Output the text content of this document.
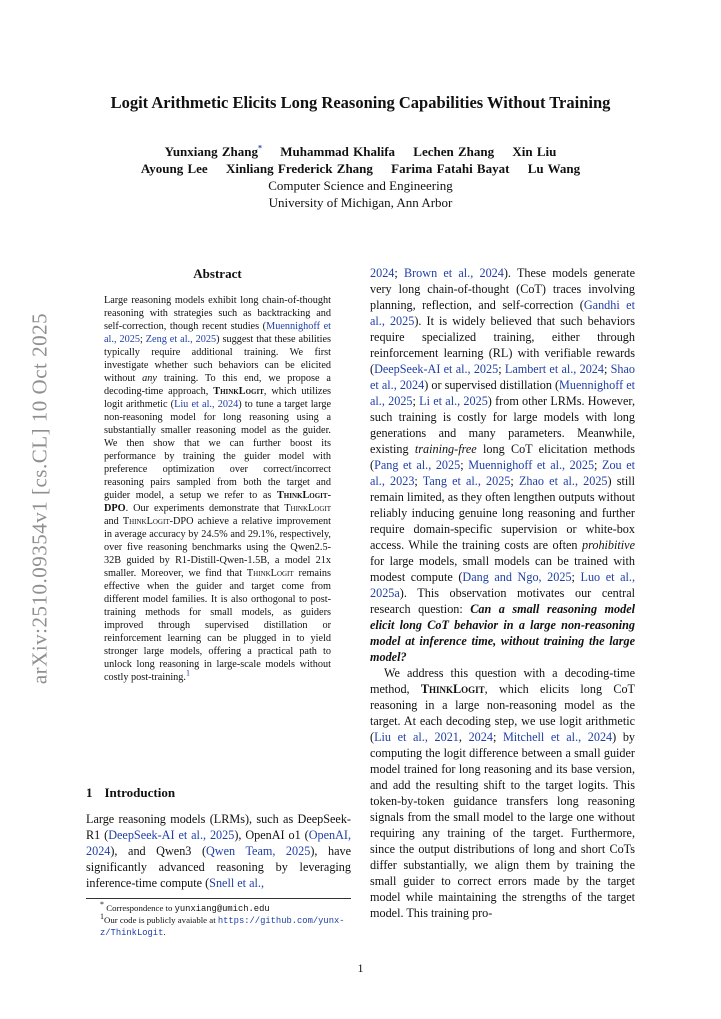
arXiv:2510.09354v1 [cs.CL] 10 Oct 2025
Logit Arithmetic Elicits Long Reasoning Capabilities Without Training
Yunxiang Zhang* Muhammad Khalifa Lechen Zhang Xin Liu
Ayoung Lee Xinliang Frederick Zhang Farima Fatahi Bayat Lu Wang
Computer Science and Engineering
University of Michigan, Ann Arbor
Abstract
Large reasoning models exhibit long chain-of-thought reasoning with strategies such as backtracking and self-correction, though recent studies (Muennighoff et al., 2025; Zeng et al., 2025) suggest that these abilities typically require additional training. We first investigate whether such behaviors can be elicited without any training. To this end, we propose a decoding-time approach, ThinkLogit, which utilizes logit arithmetic (Liu et al., 2024) to tune a target large non-reasoning model for long reasoning using a substantially smaller reasoning model as the guider. We then show that we can further boost its performance by training the guider model with preference optimization over correct/incorrect reasoning pairs sampled from both the target and guider model, a setup we refer to as ThinkLogit-DPO. Our experiments demonstrate that ThinkLogit and ThinkLogit-DPO achieve a relative improvement in average accuracy by 24.5% and 29.1%, respectively, over five reasoning benchmarks using the Qwen2.5-32B guided by R1-Distill-Qwen-1.5B, a model 21x smaller. Moreover, we find that ThinkLogit remains effective when the guider and target come from different model families. It is also orthogonal to post-training methods for small models, as guiders improved through supervised distillation or reinforcement learning can be plugged in to yield stronger large models, offering a practical path to unlock long reasoning in large-scale models without costly post-training.$^1$
1 Introduction
Large reasoning models (LRMs), such as DeepSeek-R1 (DeepSeek-AI et al., 2025), OpenAI o1 (OpenAI, 2024), and Qwen3 (Qwen Team, 2025), have significantly advanced reasoning by leveraging inference-time compute (Snell et al.,
* Correspondence to yunxiang@umich.edu
$^1$Our code is publicly avaiable at https://github.com/yunx-z/ThinkLogit.

2024; Brown et al., 2024). These models generate very long chain-of-thought (CoT) traces involving planning, reflection, and self-correction (Gandhi et al., 2025). It is widely believed that such behaviors require specialized training, either through reinforcement learning (RL) with verifiable rewards (DeepSeek-AI et al., 2025; Lambert et al., 2024; Shao et al., 2024) or supervised distillation (Muennighoff et al., 2025; Li et al., 2025) from other LRMs. However, such training is costly for large models with long generations and many parameters. Meanwhile, existing training-free long CoT elicitation methods (Pang et al., 2025; Muennighoff et al., 2025; Zou et al., 2023; Tang et al., 2025; Zhao et al., 2025) still remain limited, as they often lengthen outputs without reliably inducing genuine long reasoning and further require domain-specific supervision or white-box access. While the training costs are often prohibitive for large models, small models can be trained with modest compute (Dang and Ngo, 2025; Luo et al., 2025a). This observation motivates our central research question: Can a small reasoning model elicit long CoT behavior in a large non-reasoning model at inference time, without training the large model?

We address this question with a decoding-time method, ThinkLogit, which elicits long CoT reasoning in a large non-reasoning model as the target. At each decoding step, we use logit arithmetic (Liu et al., 2021, 2024; Mitchell et al., 2024) by computing the logit difference between a small guider model trained for long reasoning and its base version, and add the resulting shift to the target logits. This token-by-token guidance transfers long reasoning signals from the small model to the large one without requiring any training of the target. Furthermore, since the output distributions of long and short CoTs differ substantially, we align them by training the small guider to correct errors made by the target model while maintaining the strengths of the target model. This training pro-

1
